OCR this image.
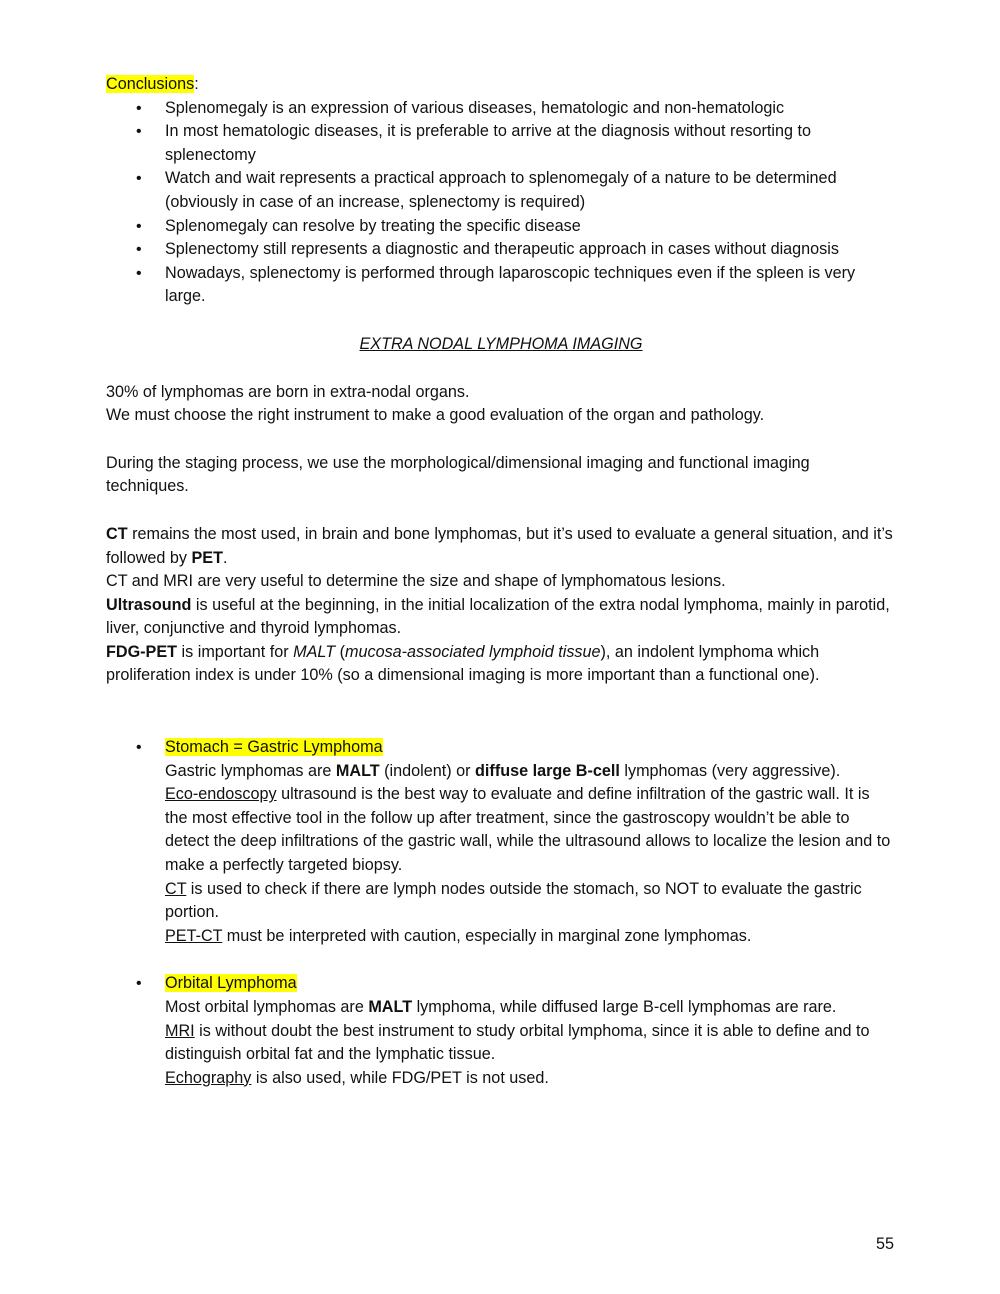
Conclusions:

• Splenomegaly is an expression of various diseases, hematologic and non-hematologic
• In most hematologic diseases, it is preferable to arrive at the diagnosis without resorting to splenectomy
• Watch and wait represents a practical approach to splenomegaly of a nature to be determined (obviously in case of an increase, splenectomy is required)
• Splenomegaly can resolve by treating the specific disease
• Splenectomy still represents a diagnostic and therapeutic approach in cases without diagnosis
• Nowadays, splenectomy is performed through laparoscopic techniques even if the spleen is very large.

EXTRA NODAL LYMPHOMA IMAGING

30% of lymphomas are born in extra-nodal organs.

We must choose the right instrument to make a good evaluation of the organ and pathology.

During the staging process, we use the morphological/dimensional imaging and functional imaging techniques.

CT remains the most used, in brain and bone lymphomas, but it’s used to evaluate a general situation, and it’s followed by PET.

CT and MRI are very useful to determine the size and shape of lymphomatous lesions.

Ultrasound is useful at the beginning, in the initial localization of the extra nodal lymphoma, mainly in parotid, liver, conjunctive and thyroid lymphomas.

FDG-PET is important for MALT (mucosa-associated lymphoid tissue), an indolent lymphoma which proliferation index is under 10% (so a dimensional imaging is more important than a functional one).

• Stomach = Gastric Lymphoma

Gastric lymphomas are MALT (indolent) or diffuse large B-cell lymphomas (very aggressive).

Eco-endoscopy ultrasound is the best way to evaluate and define infiltration of the gastric wall. It is the most effective tool in the follow up after treatment, since the gastroscopy wouldn’t be able to detect the deep infiltrations of the gastric wall, while the ultrasound allows to localize the lesion and to make a perfectly targeted biopsy.

CT is used to check if there are lymph nodes outside the stomach, so NOT to evaluate the gastric portion.

PET-CT must be interpreted with caution, especially in marginal zone lymphomas.

• Orbital Lymphoma

Most orbital lymphomas are MALT lymphoma, while diffused large B-cell lymphomas are rare.

MRI is without doubt the best instrument to study orbital lymphoma, since it is able to define and to distinguish orbital fat and the lymphatic tissue.

Echography is also used, while FDG/PET is not used.

55
